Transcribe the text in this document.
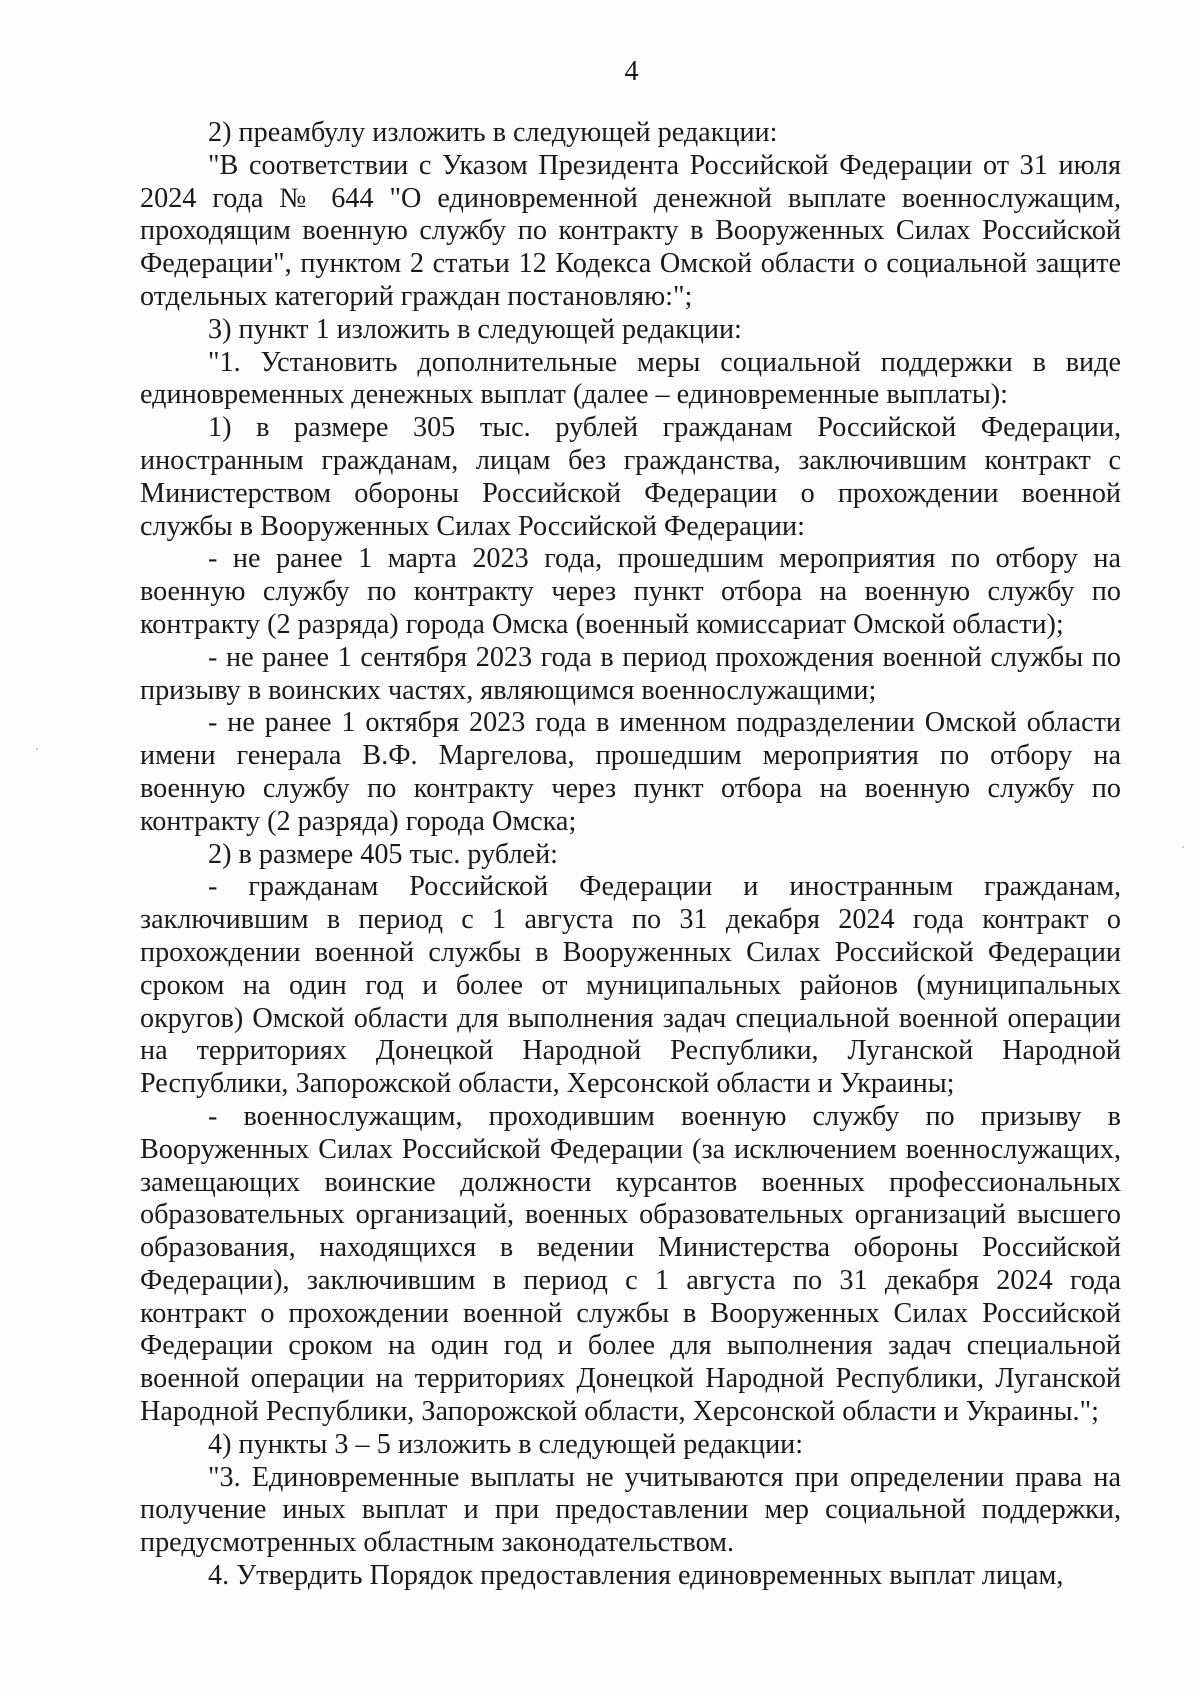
4

2) преамбулу изложить в следующей редакции:

"В соответствии с Указом Президента Российской Федерации от 31 июля 2024 года № 644 "О единовременной денежной выплате военнослужащим, проходящим военную службу по контракту в Вооруженных Силах Российской Федерации", пунктом 2 статьи 12 Кодекса Омской области о социальной защите отдельных категорий граждан постановляю:";

3) пункт 1 изложить в следующей редакции:

"1. Установить дополнительные меры социальной поддержки в виде единовременных денежных выплат (далее – единовременные выплаты):

1) в размере 305 тыс. рублей гражданам Российской Федерации, иностранным гражданам, лицам без гражданства, заключившим контракт с Министерством обороны Российской Федерации о прохождении военной службы в Вооруженных Силах Российской Федерации:

- не ранее 1 марта 2023 года, прошедшим мероприятия по отбору на военную службу по контракту через пункт отбора на военную службу по контракту (2 разряда) города Омска (военный комиссариат Омской области);

- не ранее 1 сентября 2023 года в период прохождения военной службы по призыву в воинских частях, являющимся военнослужащими;

- не ранее 1 октября 2023 года в именном подразделении Омской области имени генерала В.Ф. Маргелова, прошедшим мероприятия по отбору на военную службу по контракту через пункт отбора на военную службу по контракту (2 разряда) города Омска;

2) в размере 405 тыс. рублей:

- гражданам Российской Федерации и иностранным гражданам, заключившим в период с 1 августа по 31 декабря 2024 года контракт о прохождении военной службы в Вооруженных Силах Российской Федерации сроком на один год и более от муниципальных районов (муниципальных округов) Омской области для выполнения задач специальной военной операции на территориях Донецкой Народной Республики, Луганской Народной Республики, Запорожской области, Херсонской области и Украины;

- военнослужащим, проходившим военную службу по призыву в Вооруженных Силах Российской Федерации (за исключением военнослужащих, замещающих воинские должности курсантов военных профессиональных образовательных организаций, военных образовательных организаций высшего образования, находящихся в ведении Министерства обороны Российской Федерации), заключившим в период с 1 августа по 31 декабря 2024 года контракт о прохождении военной службы в Вооруженных Силах Российской Федерации сроком на один год и более для выполнения задач специальной военной операции на территориях Донецкой Народной Республики, Луганской Народной Республики, Запорожской области, Херсонской области и Украины.";

4) пункты 3 – 5 изложить в следующей редакции:

"3. Единовременные выплаты не учитываются при определении права на получение иных выплат и при предоставлении мер социальной поддержки, предусмотренных областным законодательством.

4. Утвердить Порядок предоставления единовременных выплат лицам,
